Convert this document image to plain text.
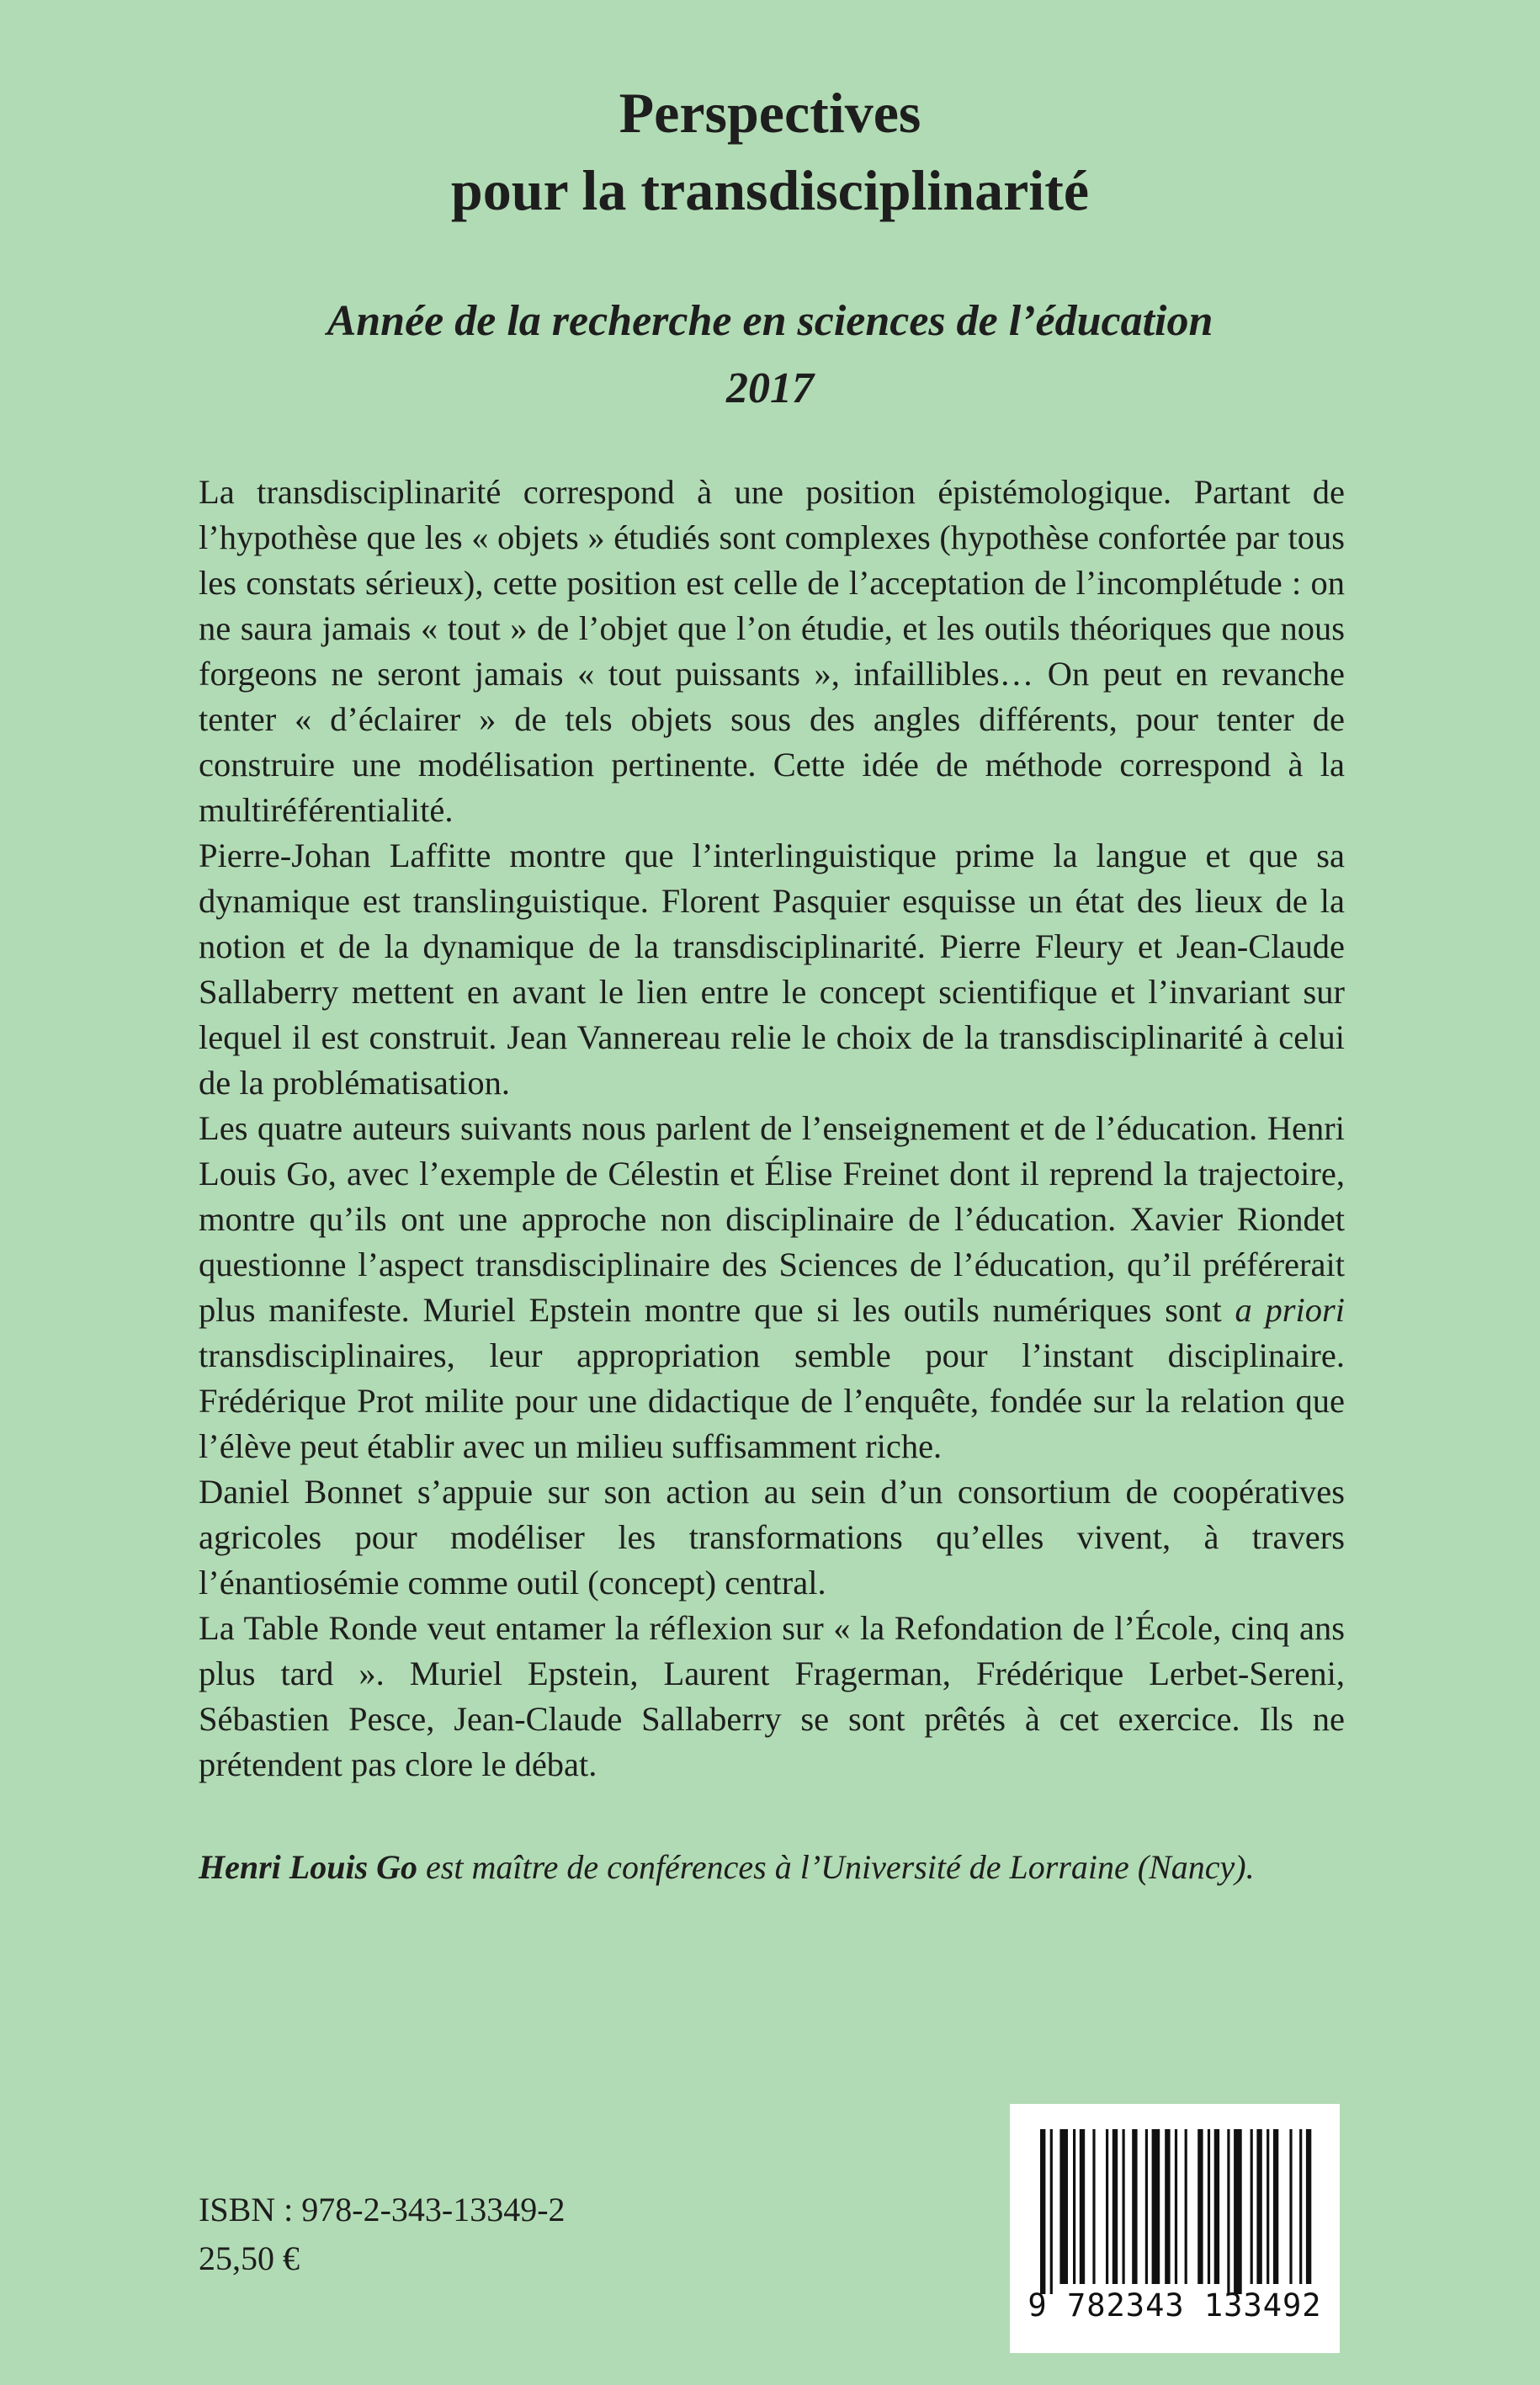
Perspectives
pour la transdisciplinarité
Année de la recherche en sciences de l’éducation
2017

La transdisciplinarité correspond à une position épistémologique. Partant de l’hypothèse que les « objets » étudiés sont complexes (hypothèse confortée par tous les constats sérieux), cette position est celle de l’acceptation de l’incomplétude : on ne saura jamais « tout » de l’objet que l’on étudie, et les outils théoriques que nous forgeons ne seront jamais « tout puissants », infaillibles… On peut en revanche tenter « d’éclairer » de tels objets sous des angles différents, pour tenter de construire une modélisation pertinente. Cette idée de méthode correspond à la multiréférentialité.

Pierre-Johan Laffitte montre que l’interlinguistique prime la langue et que sa dynamique est translinguistique. Florent Pasquier esquisse un état des lieux de la notion et de la dynamique de la transdisciplinarité. Pierre Fleury et Jean-Claude Sallaberry mettent en avant le lien entre le concept scientifique et l’invariant sur lequel il est construit. Jean Vannereau relie le choix de la transdisciplinarité à celui de la problématisation.

Les quatre auteurs suivants nous parlent de l’enseignement et de l’éducation. Henri Louis Go, avec l’exemple de Célestin et Élise Freinet dont il reprend la trajectoire, montre qu’ils ont une approche non disciplinaire de l’éducation. Xavier Riondet questionne l’aspect transdisciplinaire des Sciences de l’éducation, qu’il préférerait plus manifeste. Muriel Epstein montre que si les outils numériques sont a priori transdisciplinaires, leur appropriation semble pour l’instant disciplinaire. Frédérique Prot milite pour une didactique de l’enquête, fondée sur la relation que l’élève peut établir avec un milieu suffisamment riche.

Daniel Bonnet s’appuie sur son action au sein d’un consortium de coopératives agricoles pour modéliser les transformations qu’elles vivent, à travers l’énantiosémie comme outil (concept) central.

La Table Ronde veut entamer la réflexion sur « la Refondation de l’École, cinq ans plus tard ». Muriel Epstein, Laurent Fragerman, Frédérique Lerbet-Sereni, Sébastien Pesce, Jean-Claude Sallaberry se sont prêtés à cet exercice. Ils ne prétendent pas clore le débat.

Henri Louis Go est maître de conférences à l’Université de Lorraine (Nancy).
ISBN : 978-2-343-13349-2
25,50 €
9 782343 133492
